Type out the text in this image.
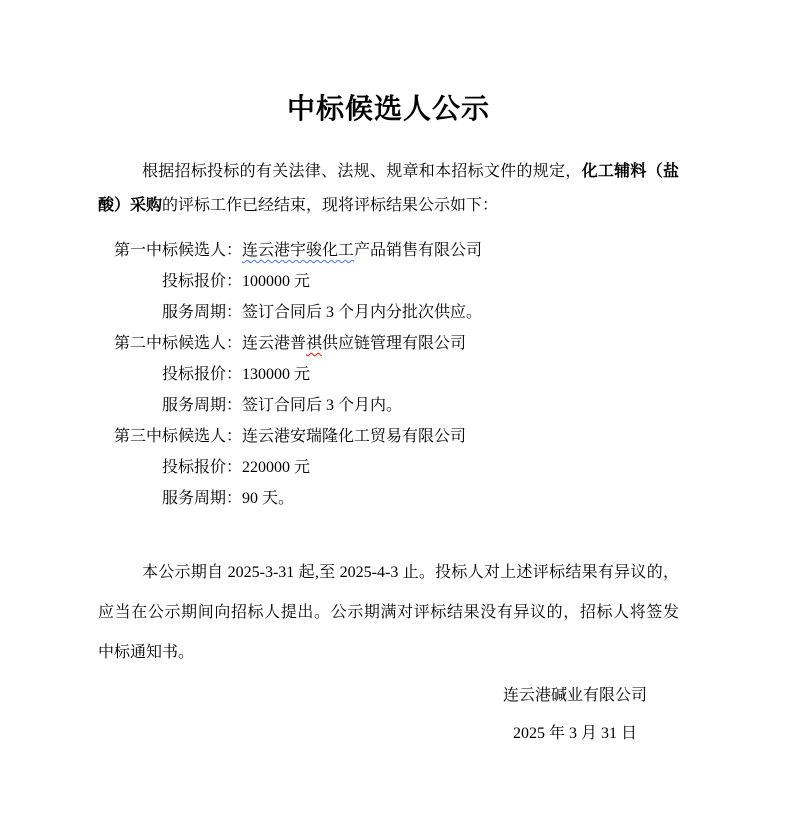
中标候选人公示
根据招标投标的有关法律、法规、规章和本招标文件的规定，化工辅料（盐
酸）采购的评标工作已经结束，现将评标结果公示如下：
第一中标候选人：连云港宇骏化工产品销售有限公司
投标报价：100000 元
服务周期：签订合同后 3 个月内分批次供应。
第二中标候选人：连云港普祺供应链管理有限公司
投标报价：130000 元
服务周期：签订合同后 3 个月内。
第三中标候选人：连云港安瑞隆化工贸易有限公司
投标报价：220000 元
服务周期：90 天。
本公示期自 2025-3-31 起,至 2025-4-3 止。投标人对上述评标结果有异议的，
应当在公示期间向招标人提出。公示期满对评标结果没有异议的，招标人将签发
中标通知书。
连云港碱业有限公司
2025 年 3 月 31 日
